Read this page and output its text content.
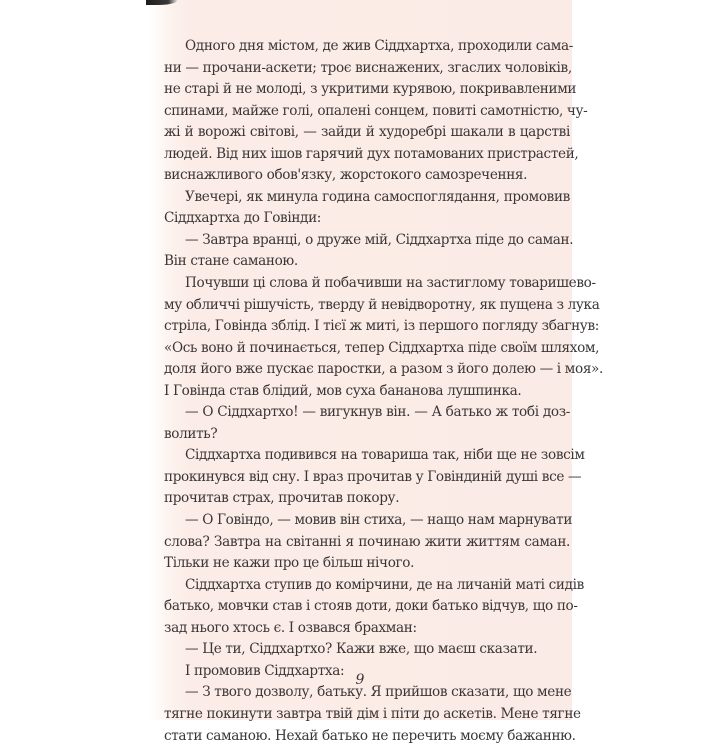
Одного дня містом, де жив Сіддхартха, проходили сама-
ни — прочани-аскети; троє виснажених, згаслих чоловіків,
не старі й не молоді, з укритими курявою, покривавленими
спинами, майже голі, опалені сонцем, повиті самотністю, чу-
жі й ворожі світові, — зайди й худоребрі шакали в царстві
людей. Від них ішов гарячий дух потамованих пристрастей,
виснажливого обов'язку, жорстокого самозречення.
Увечері, як минула година самоспоглядання, промовив
Сіддхартха до Говінди:
— Завтра вранці, о друже мій, Сіддхартха піде до саман.
Він стане саманою.
Почувши ці слова й побачивши на застиглому товаришево-
му обличчі рішучість, тверду й невідворотну, як пущена з лука
стріла, Говінда зблід. І тієї ж миті, із першого погляду збагнув:
«Ось воно й починається, тепер Сіддхартха піде своїм шляхом,
доля його вже пускає паростки, а разом з його долею — і моя».
І Говінда став блідий, мов суха бананова лушпинка.
— О Сіддхартхо! — вигукнув він. — А батько ж тобі доз-
волить?
Сіддхартха подивився на товариша так, ніби ще не зовсім
прокинувся від сну. І враз прочитав у Говіндиній душі все —
прочитав страх, прочитав покору.
— О Говіндо, — мовив він стиха, — нащо нам марнувати
слова? Завтра на світанні я починаю жити життям саман.
Тільки не кажи про це більш нічого.
Сіддхартха ступив до комірчини, де на личаній маті сидів
батько, мовчки став і стояв доти, доки батько відчув, що по-
зад нього хтось є. І озвався брахман:
— Це ти, Сіддхартхо? Кажи вже, що маєш сказати.
І промовив Сіддхартха:
— З твого дозволу, батьку. Я прийшов сказати, що мене
тягне покинути завтра твій дім і піти до аскетів. Мене тягне
стати саманою. Нехай батько не перечить моєму бажанню.
9
